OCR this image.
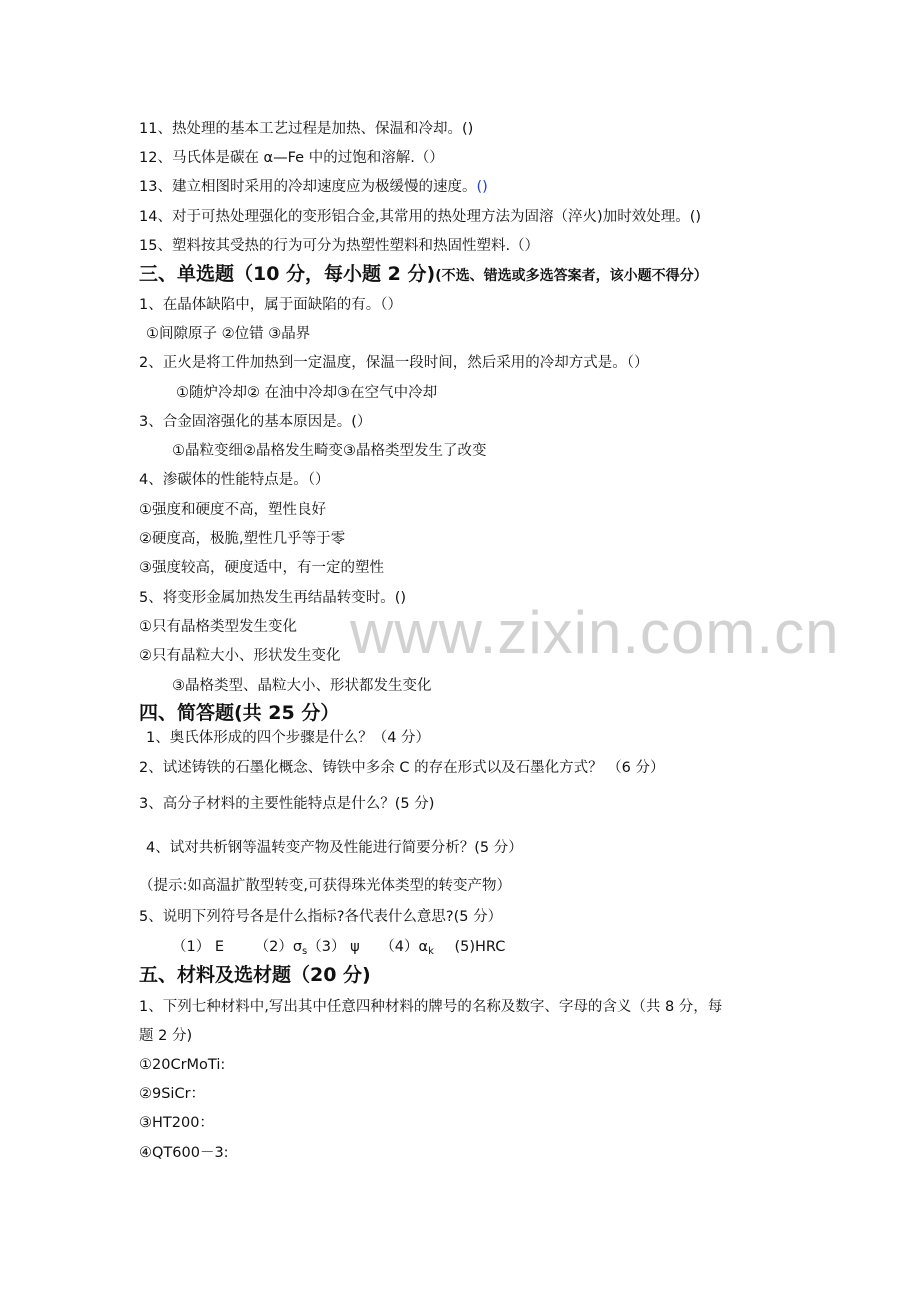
www.zixin.com.cn
11、热处理的基本工艺过程是加热、保温和冷却。()
12、马氏体是碳在 α—Fe 中的过饱和溶解.（）
13、建立相图时采用的冷却速度应为极缓慢的速度。()
14、对于可热处理强化的变形铝合金,其常用的热处理方法为固溶（淬火)加时效处理。()
15、塑料按其受热的行为可分为热塑性塑料和热固性塑料.（）
三、单选题（10 分，每小题 2 分)(不选、错选或多选答案者，该小题不得分）
1、在晶体缺陷中，属于面缺陷的有。（）
①间隙原子 ②位错 ③晶界
2、正火是将工件加热到一定温度，保温一段时间，然后采用的冷却方式是。（）
①随炉冷却② 在油中冷却③在空气中冷却
3、合金固溶强化的基本原因是。(）
①晶粒变细②晶格发生畸变③晶格类型发生了改变
4、渗碳体的性能特点是。（）
①强度和硬度不高，塑性良好
②硬度高，极脆,塑性几乎等于零
③强度较高，硬度适中，有一定的塑性
5、将变形金属加热发生再结晶转变时。()
①只有晶格类型发生变化
②只有晶粒大小、形状发生变化
③晶格类型、晶粒大小、形状都发生变化
四、简答题(共 25 分）
1、奥氏体形成的四个步骤是什么？（4 分）
2、试述铸铁的石墨化概念、铸铁中多余 C 的存在形式以及石墨化方式？ （6 分）
3、高分子材料的主要性能特点是什么？(5 分)
4、试对共析钢等温转变产物及性能进行简要分析？(5 分）
（提示:如高温扩散型转变,可获得珠光体类型的转变产物）
5、说明下列符号各是什么指标?各代表什么意思?(5 分）
（1） E $(2)\sigma_s(3)$ ψ $(4)\alpha_k$ (5)HRC
五、材料及选材题（20 分)
1、下列七种材料中,写出其中任意四种材料的牌号的名称及数字、字母的含义（共 8 分，每
题 2 分)
①20CrMoTi:
②9SiCr：
③HT200：
④QT600－3:
